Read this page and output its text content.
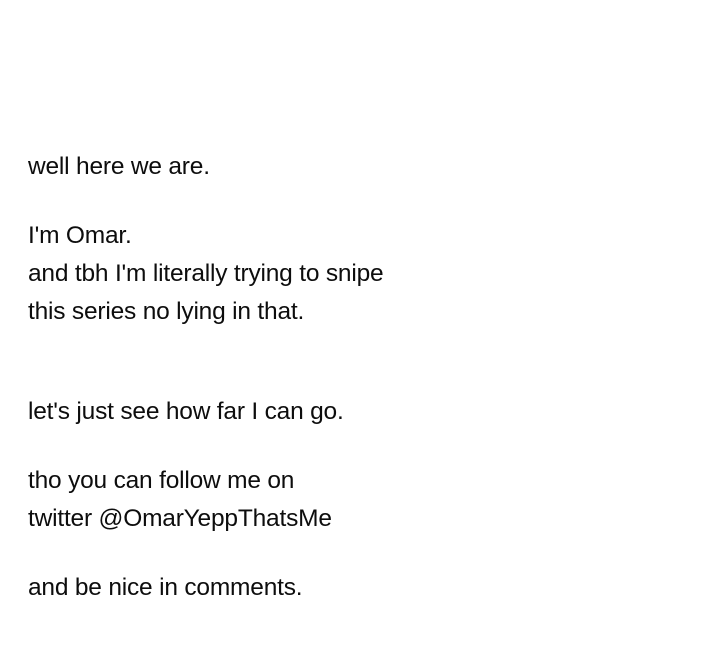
well here we are.
I'm Omar.
and tbh I'm literally trying to snipe
this series no lying in that.
let's just see how far I can go.
tho you can follow me on
twitter @OmarYeppThatsMe
and be nice in comments.
